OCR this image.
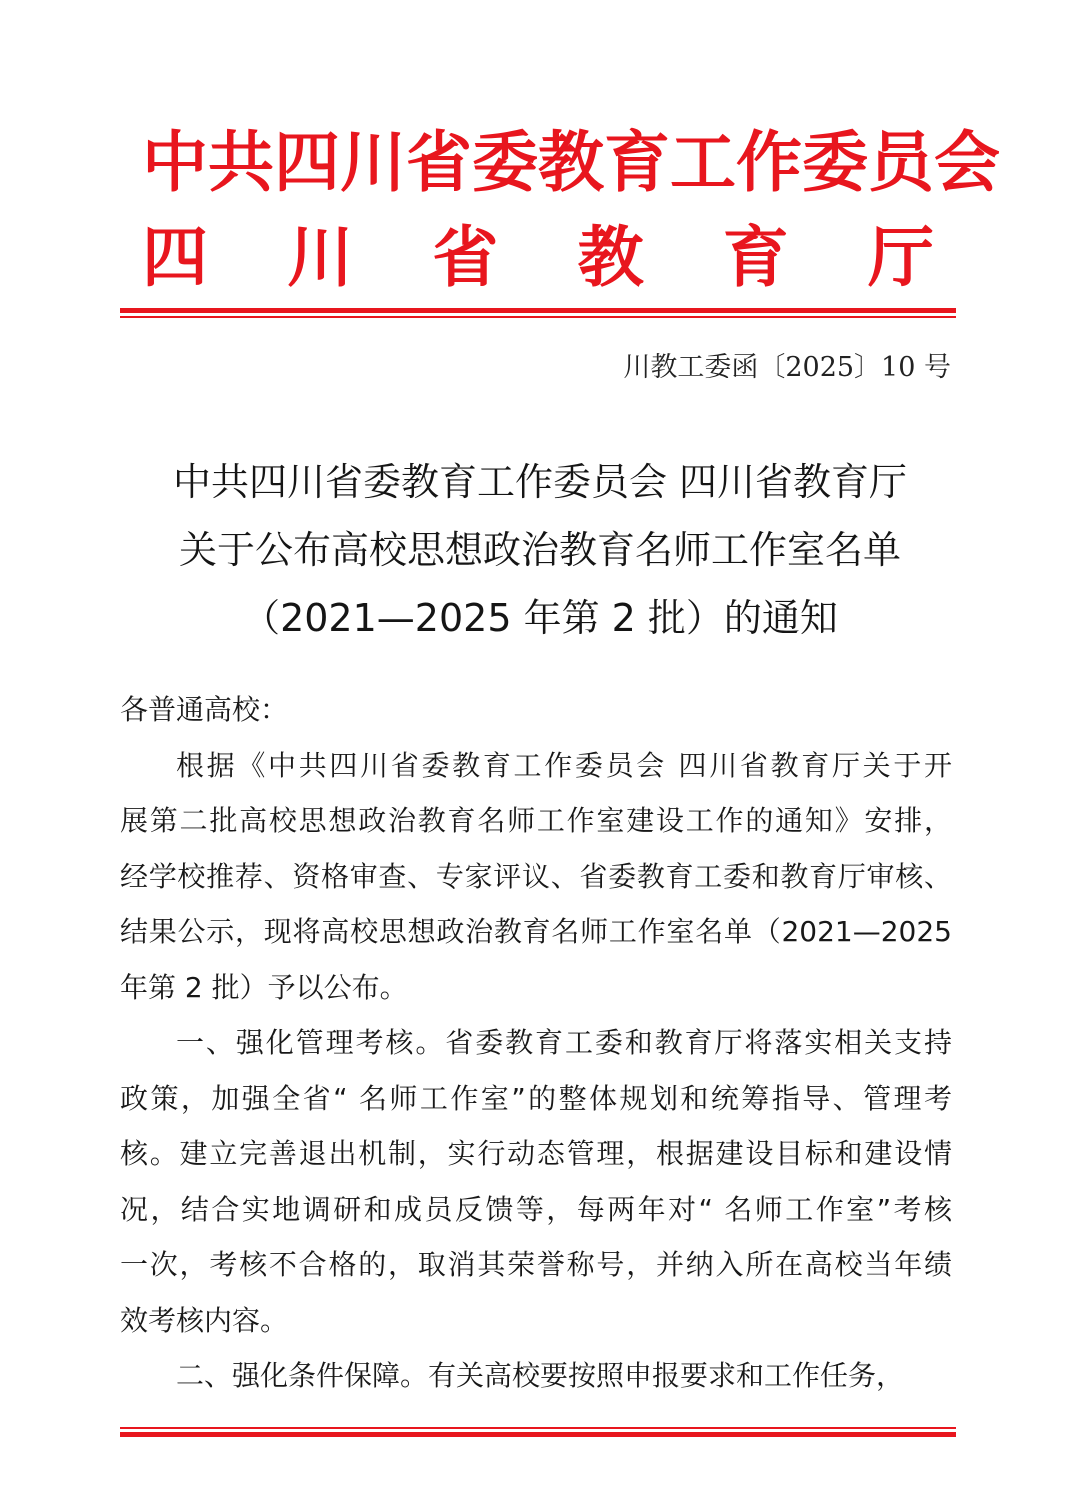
中 共 四 川 省 委 教 育 工 作 委 员 会
四 川 省 教 育 厅
川教工委函〔2025〕10 号
中共四川省委教育工作委员会 四川省教育厅
关于公布高校思想政治教育名师工作室名单
（2021—2025 年第 2 批）的通知
各普通高校：
根据《中共四川省委教育工作委员会 四川省教育厅关于开
展第二批高校思想政治教育名师工作室建设工作的通知》安排，
经学校推荐、资格审查、专家评议、省委教育工委和教育厅审核、
结果公示，现将高校思想政治教育名师工作室名单（2021—2025
年第 2 批）予以公布。
一、强化管理考核。省委教育工委和教育厅将落实相关支持
政策，加强全省“ 名师工作室”的整体规划和统筹指导、管理考
核。建立完善退出机制，实行动态管理，根据建设目标和建设情
况，结合实地调研和成员反馈等，每两年对“ 名师工作室”考核
一次，考核不合格的，取消其荣誉称号，并纳入所在高校当年绩
效考核内容。
二、强化条件保障。有关高校要按照申报要求和工作任务，
